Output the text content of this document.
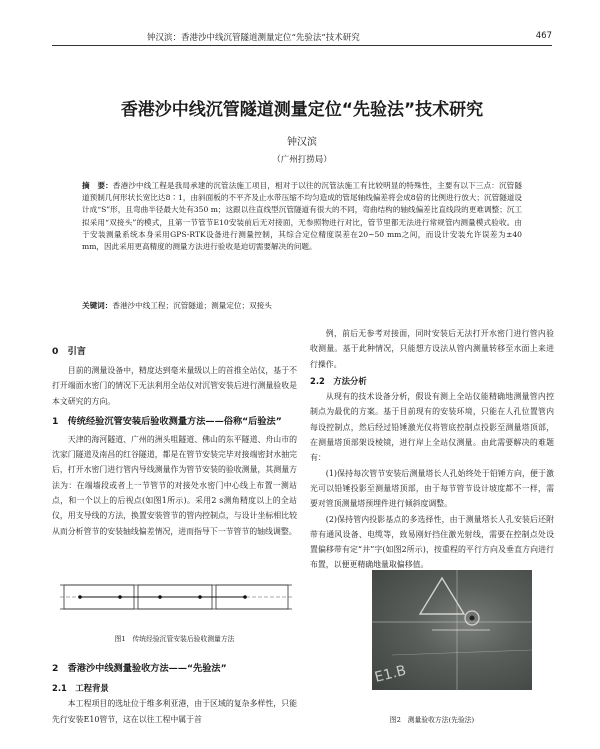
钟汉滨：香港沙中线沉管隧道测量定位“先验法”技术研究	467
香港沙中线沉管隧道测量定位“先验法”技术研究
钟汉滨
（广州打捞局）
摘　要：香港沙中线工程是我局承建的沉管法施工项目，相对于以往的沉管法施工有比较明显的特殊性，主要有以下三点：沉管隧道预制几何形状长宽比达8∶1，由斜面板的不平齐及止水带压缩不均匀造成的管尾轴线偏差将会成8倍的比例进行放大；沉管隧道设计成“S”形，且弯曲半径最大处有350 m；这跟以往直线型沉管隧道有很大的不同，弯曲结构的轴线偏差比直线段的更难调整；沉工拟采用“双接头”的模式，且第一节管节E10安装前后无对接面，无参照物进行对比，管节里都无法进行常规管内测量模式验收。由于安装测量系统本身采用GPS-RTK设备进行测量控制，其综合定位精度误差在20~50 mm之间，而设计安装允许误差为±40 mm，因此采用更高精度的测量方法进行验收是迫切需要解决的问题。
关键词：香港沙中线工程；沉管隧道；测量定位；双接头
0　引言
目前的测量设备中，精度达到毫米量级以上的首推全站仪，基于不打开端面水密门的情况下无法利用全站仪对沉管安装后进行测量验收是本文研究的方向。
1　传统经验沉管安装后验收测量方法——俗称“后验法”
天津的海河隧道、广州的洲头咀隧道、佛山的东平隧道、舟山市的沈家门隧道及南昌的红谷隧道，都是在管节安装完毕对接端密封水抽完后，打开水密门进行管内导线测量作为管节安装的验收测量，其测量方法为：在端墙段或者上一节管节的对接处水密门中心线上布置一测站点，和一个以上的后视点(如图1所示)。采用2 s测角精度以上的全站仪，用支导线的方法，换置安装管节的管内控制点，与设计坐标相比较从而分析管节的安装轴线偏差情况，进而指导下一节管节的轴线调整。
图1　传统经验沉管安装后验收测量方法
2　香港沙中线测量验收方法——“先验法”
2.1　工程背景
本工程项目的选址位于维多利亚港，由于区域的复杂多样性，只能先行安装E10管节，这在以往工程中属于首
例，前后无参考对接面，同时安装后无法打开水密门进行管内验收测量。基于此种情况，只能想方设法从管内测量转移至水面上来进行操作。
2.2　方法分析
从现有的技术设备分析，假设有测上全站仪能精确地测量管内控制点为最优的方案。基于目前现有的安装环境，只能在人孔位置管内每设控制点，然后经过铅锤激光仪将管底控制点投影至测量塔顶部，在测量塔顶部架设棱镜，进行岸上全站仪测量。由此需要解决的难题有：
(1)保持每次管节安装后测量塔长人孔始终处于铅锤方向，便于激光可以铅锤投影至测量塔顶部，由于每节管节设计坡度都不一样，需要对管顶测量塔预埋件进行倾斜度调整。
(2)保持管内投影基点的多选择性，由于测量塔长人孔安装后还附带有通风设备、电缆等，致易刚好挡住激光射线，需要在控制点处设置偏移带有定“井”字(如图2所示)，按重程的平行方向及垂直方向进行布置，以便更精确地量取偏移值。
E1.B
图2　测量验收方法(先验法)
